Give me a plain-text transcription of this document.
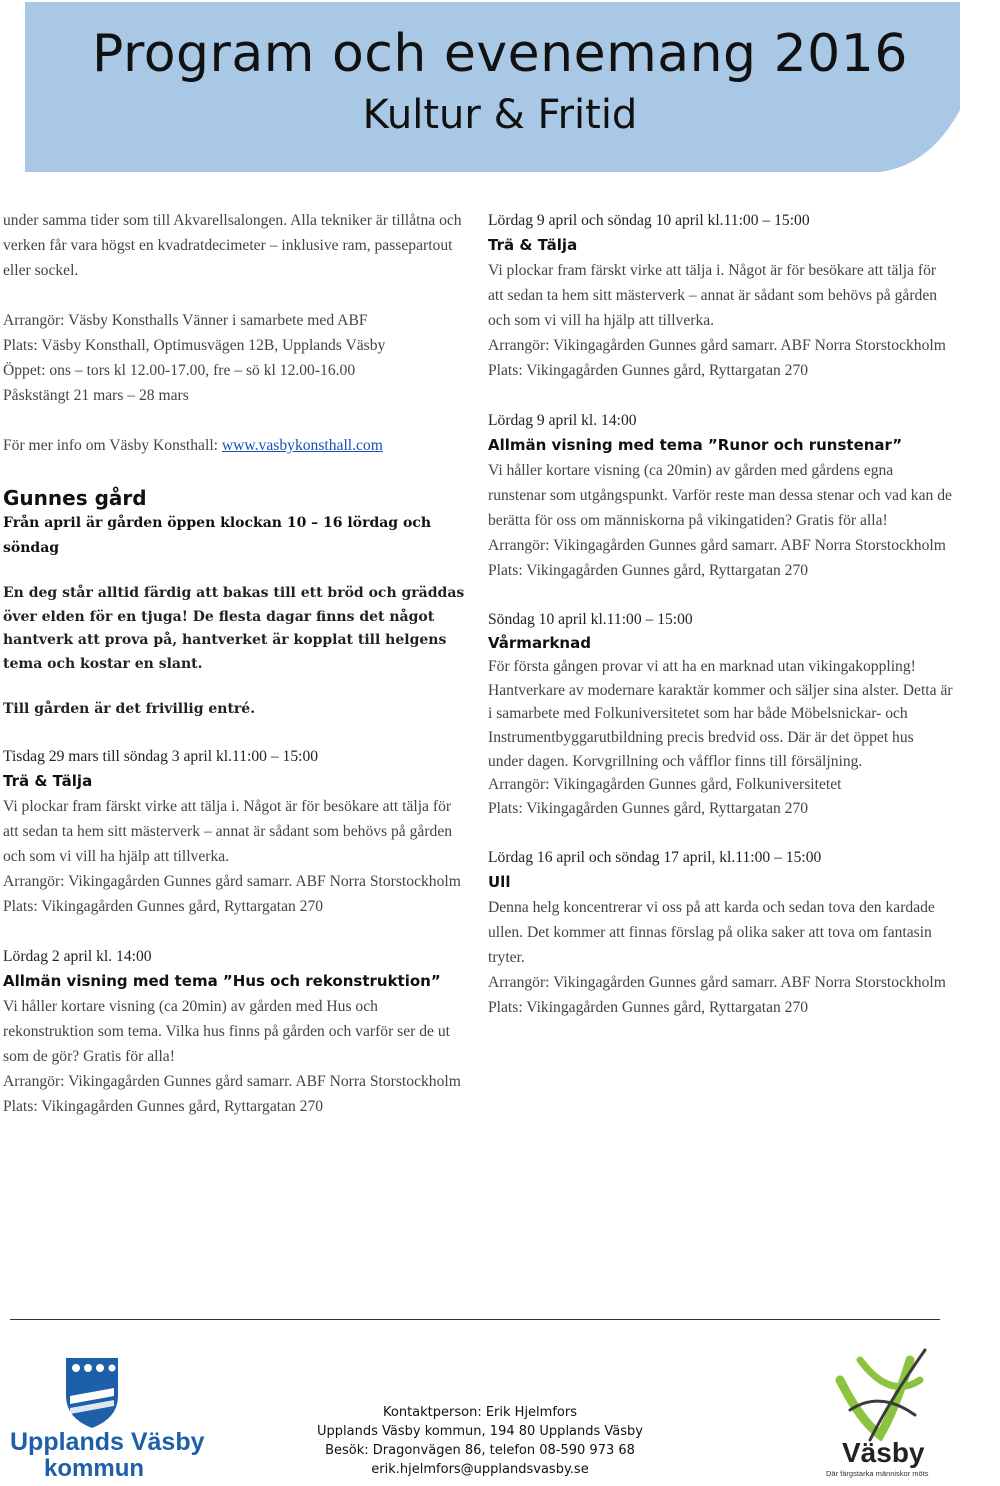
Program och evenemang 2016
Kultur & Fritid

under samma tider som till Akvarellsalongen. Alla tekniker är tillåtna och verken får vara högst en kvadratdecimeter – inklusive ram, passepartout eller sockel.

Arrangör: Väsby Konsthalls Vänner i samarbete med ABF

Plats: Väsby Konsthall, Optimusvägen 12B, Upplands Väsby

Öppet: ons – tors kl 12.00-17.00, fre – sö kl 12.00-16.00

Påskstängt 21 mars – 28 mars

För mer info om Väsby Konsthall: www.vasbykonsthall.com

Gunnes gård

Från april är gården öppen klockan 10 – 16 lördag och söndag

En deg står alltid färdig att bakas till ett bröd och gräddas över elden för en tjuga! De flesta dagar finns det något hantverk att prova på, hantverket är kopplat till helgens tema och kostar en slant.

Till gården är det frivillig entré.

Tisdag 29 mars till söndag 3 april kl.11:00 – 15:00

Trä & Tälja

Vi plockar fram färskt virke att tälja i. Något är för besökare att tälja för att sedan ta hem sitt mästerverk – annat är sådant som behövs på gården och som vi vill ha hjälp att tillverka.

Arrangör: Vikingagården Gunnes gård samarr. ABF Norra Storstockholm

Plats: Vikingagården Gunnes gård, Ryttargatan 270

Lördag 2 april kl. 14:00

Allmän visning med tema ”Hus och rekonstruktion”

Vi håller kortare visning (ca 20min) av gården med Hus och rekonstruktion som tema. Vilka hus finns på gården och varför ser de ut som de gör? Gratis för alla!

Arrangör: Vikingagården Gunnes gård samarr. ABF Norra Storstockholm

Plats: Vikingagården Gunnes gård, Ryttargatan 270

Lördag 9 april och söndag 10 april kl.11:00 – 15:00

Trä & Tälja

Vi plockar fram färskt virke att tälja i. Något är för besökare att tälja för att sedan ta hem sitt mästerverk – annat är sådant som behövs på gården och som vi vill ha hjälp att tillverka.

Arrangör: Vikingagården Gunnes gård samarr. ABF Norra Storstockholm

Plats: Vikingagården Gunnes gård, Ryttargatan 270

Lördag 9 april kl. 14:00

Allmän visning med tema ”Runor och runstenar”

Vi håller kortare visning (ca 20min) av gården med gårdens egna runstenar som utgångspunkt. Varför reste man dessa stenar och vad kan de berätta för oss om människorna på vikingatiden? Gratis för alla!

Arrangör: Vikingagården Gunnes gård samarr. ABF Norra Storstockholm

Plats: Vikingagården Gunnes gård, Ryttargatan 270

Söndag 10 april kl.11:00 – 15:00

Vårmarknad

För första gången provar vi att ha en marknad utan vikingakoppling! Hantverkare av modernare karaktär kommer och säljer sina alster. Detta är i samarbete med Folkuniversitetet som har både Möbelsnickar- och Instrumentbyggarutbildning precis bredvid oss. Där är det öppet hus under dagen. Korvgrillning och våfflor finns till försäljning.

Arrangör: Vikingagården Gunnes gård, Folkuniversitetet

Plats: Vikingagården Gunnes gård, Ryttargatan 270

Lördag 16 april och söndag 17 april, kl.11:00 – 15:00

Ull

Denna helg koncentrerar vi oss på att karda och sedan tova den kardade ullen. Det kommer att finnas förslag på olika saker att tova om fantasin tryter.

Arrangör: Vikingagården Gunnes gård samarr. ABF Norra Storstockholm

Plats: Vikingagården Gunnes gård, Ryttargatan 270

Upplands Väsby
kommun
Kontaktperson: Erik Hjelmfors
Upplands Väsby kommun, 194 80 Upplands Väsby
Besök: Dragonvägen 86, telefon 08-590 973 68
erik.hjelmfors@upplandsvasby.se
Väsby
Där färgstarka människor möts
